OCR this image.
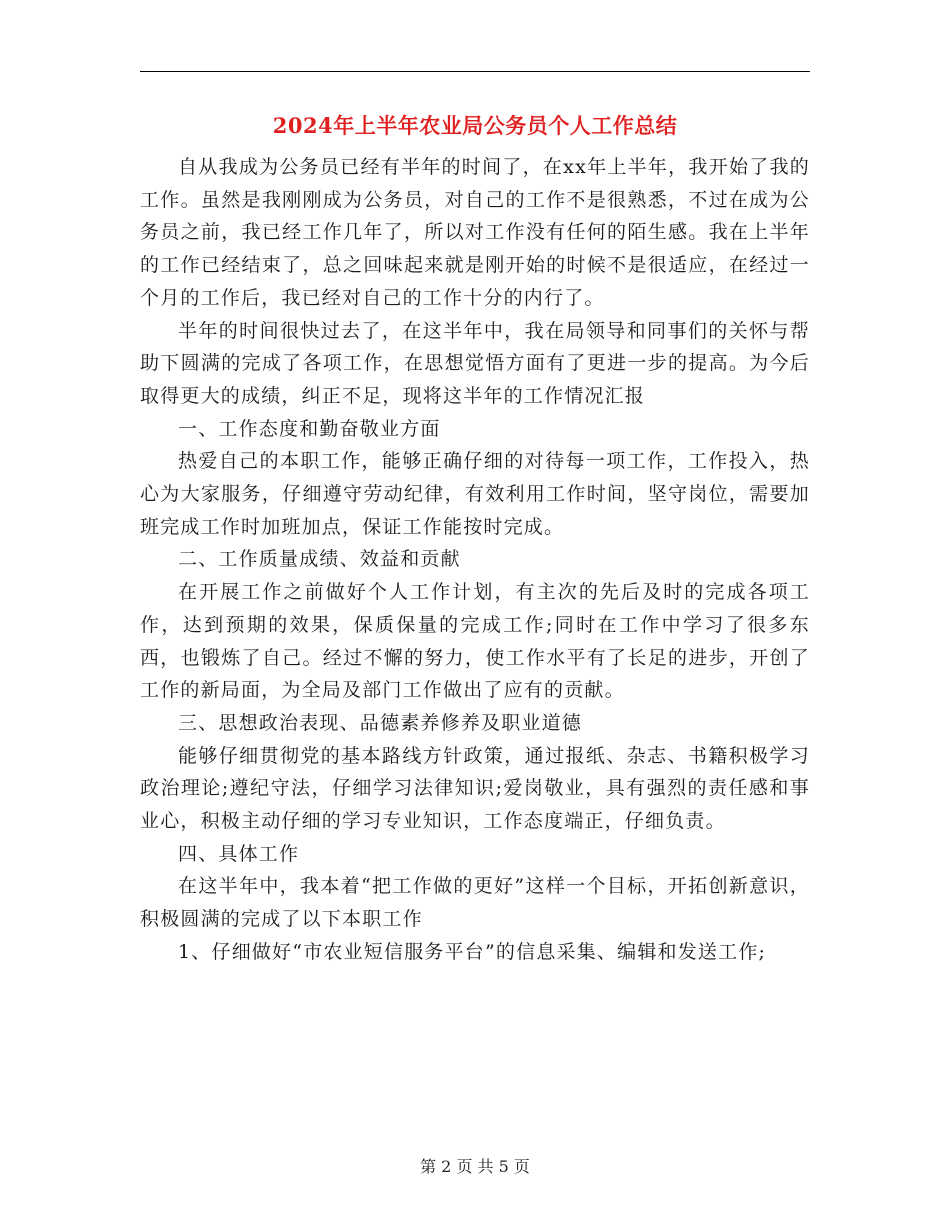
2024年上半年农业局公务员个人工作总结

自从我成为公务员已经有半年的时间了，在xx年上半年，我开始了我的工作。虽然是我刚刚成为公务员，对自己的工作不是很熟悉，不过在成为公务员之前，我已经工作几年了，所以对工作没有任何的陌生感。我在上半年的工作已经结束了，总之回味起来就是刚开始的时候不是很适应，在经过一个月的工作后，我已经对自己的工作十分的内行了。

半年的时间很快过去了，在这半年中，我在局领导和同事们的关怀与帮助下圆满的完成了各项工作，在思想觉悟方面有了更进一步的提高。为今后取得更大的成绩，纠正不足，现将这半年的工作情况汇报

一、工作态度和勤奋敬业方面

热爱自己的本职工作，能够正确仔细的对待每一项工作，工作投入，热心为大家服务，仔细遵守劳动纪律，有效利用工作时间，坚守岗位，需要加班完成工作时加班加点，保证工作能按时完成。

二、工作质量成绩、效益和贡献

在开展工作之前做好个人工作计划，有主次的先后及时的完成各项工作，达到预期的效果，保质保量的完成工作;同时在工作中学习了很多东西，也锻炼了自己。经过不懈的努力，使工作水平有了长足的进步，开创了工作的新局面，为全局及部门工作做出了应有的贡献。

三、思想政治表现、品德素养修养及职业道德

能够仔细贯彻党的基本路线方针政策，通过报纸、杂志、书籍积极学习政治理论;遵纪守法，仔细学习法律知识;爱岗敬业，具有强烈的责任感和事业心，积极主动仔细的学习专业知识，工作态度端正，仔细负责。

四、具体工作

在这半年中，我本着“把工作做的更好”这样一个目标，开拓创新意识，积极圆满的完成了以下本职工作

1、仔细做好“市农业短信服务平台”的信息采集、编辑和发送工作;

第 2 页 共 5 页
